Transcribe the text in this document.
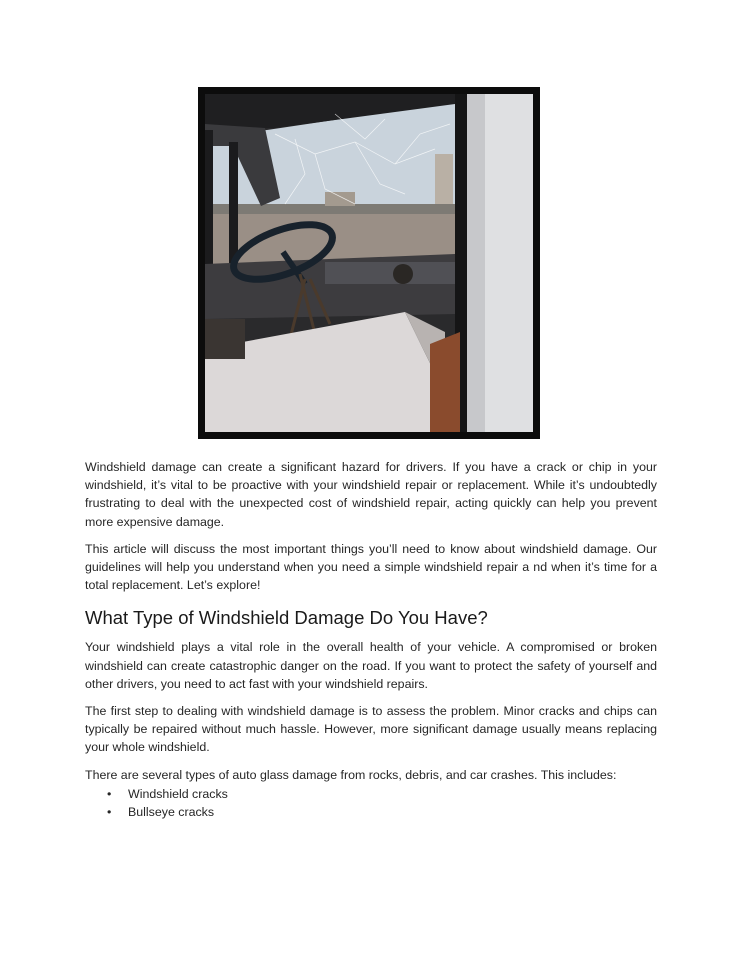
Windshield damage can create a significant hazard for drivers. If you have a crack or chip in your windshield, it’s vital to be proactive with your windshield repair or replacement. While it’s undoubtedly frustrating to deal with the unexpected cost of windshield repair, acting quickly can help you prevent more expensive damage.

This article will discuss the most important things you’ll need to know about windshield damage. Our guidelines will help you understand when you need a simple windshield repair a nd when it’s time for a total replacement. Let’s explore!

What Type of Windshield Damage Do You Have?

Your windshield plays a vital role in the overall health of your vehicle. A compromised or broken windshield can create catastrophic danger on the road. If you want to protect the safety of yourself and other drivers, you need to act fast with your windshield repairs.

The first step to dealing with windshield damage is to assess the problem. Minor cracks and chips can typically be repaired without much hassle. However, more significant damage usually means replacing your whole windshield.

There are several types of auto glass damage from rocks, debris, and car crashes. This includes:

• Windshield cracks
• Bullseye cracks
